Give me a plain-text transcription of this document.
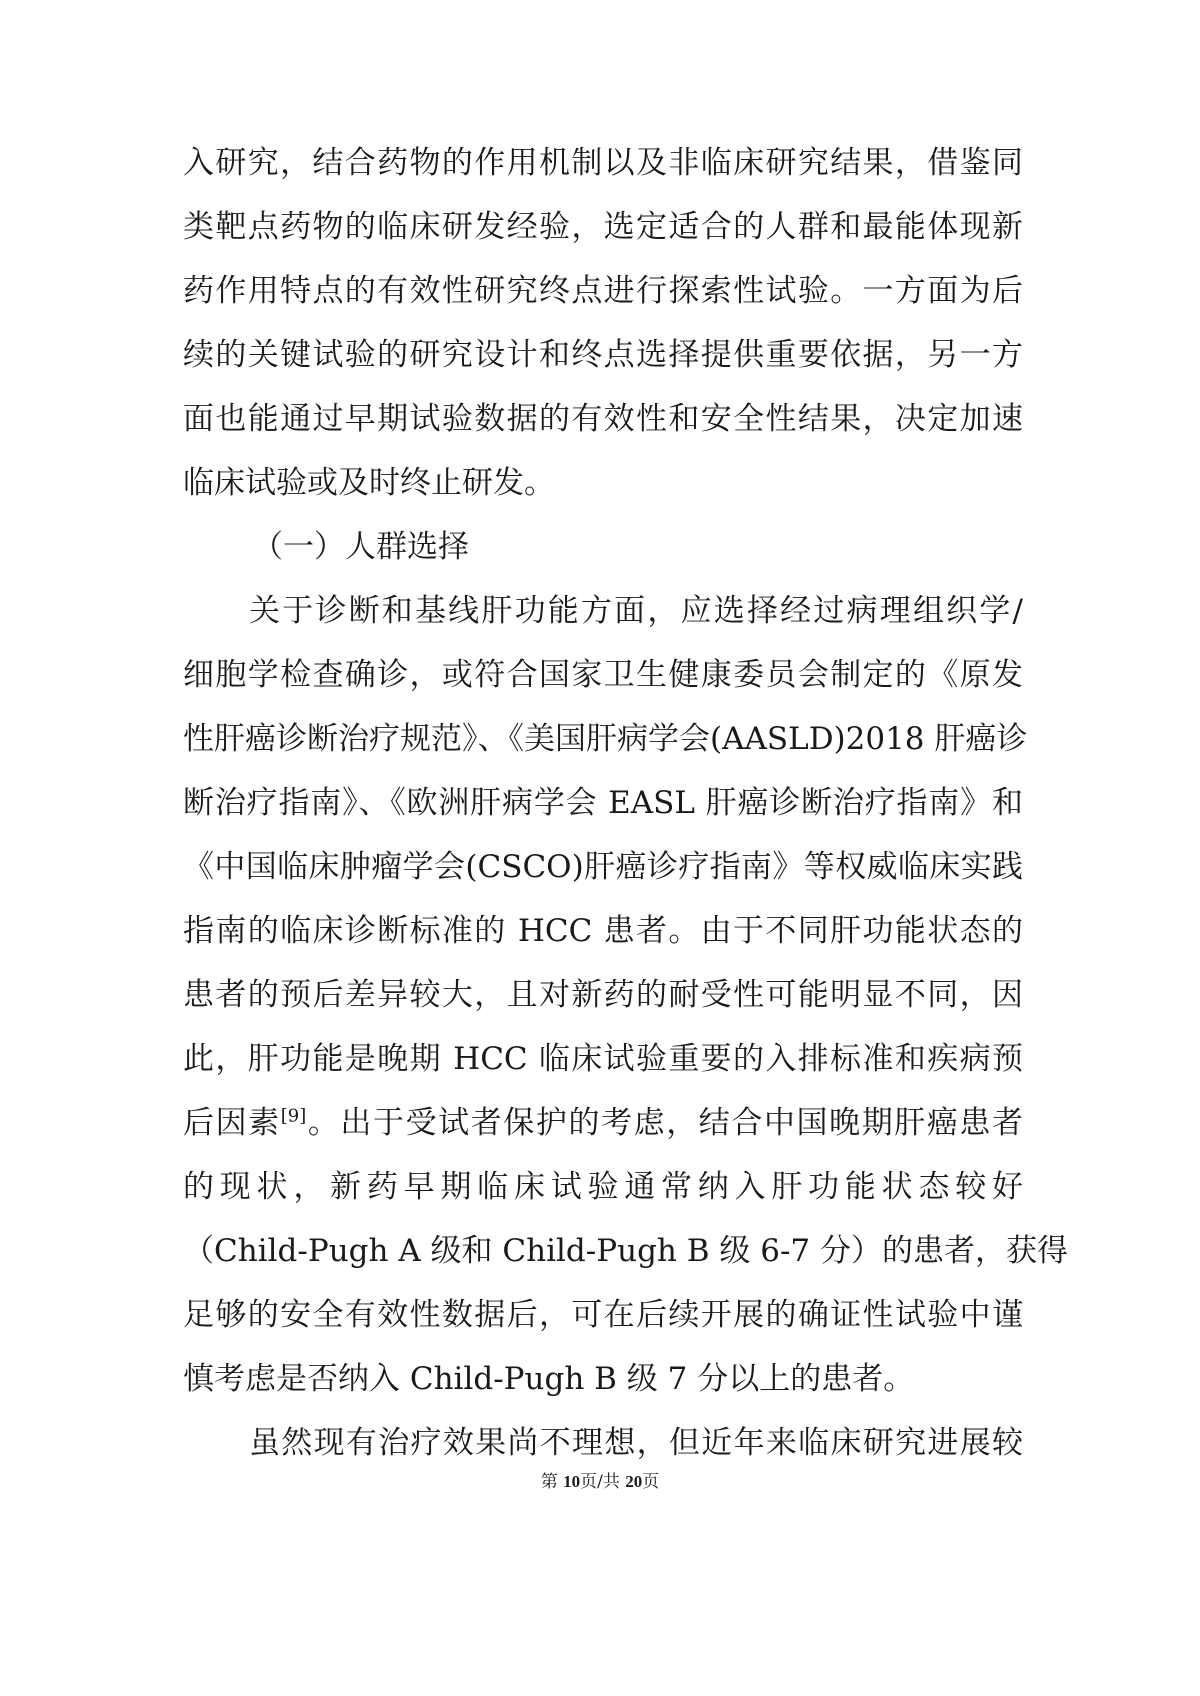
入研究，结合药物的作用机制以及非临床研究结果，借鉴同
类靶点药物的临床研发经验，选定适合的人群和最能体现新
药作用特点的有效性研究终点进行探索性试验。一方面为后
续的关键试验的研究设计和终点选择提供重要依据，另一方
面也能通过早期试验数据的有效性和安全性结果，决定加速
临床试验或及时终止研发。
（一）人群选择
关于诊断和基线肝功能方面，应选择经过病理组织学/
细胞学检查确诊，或符合国家卫生健康委员会制定的《原发
性肝癌诊断治疗规范》、《美国肝病学会(AASLD)2018 肝癌诊
断治疗指南》、《欧洲肝病学会 EASL 肝癌诊断治疗指南》和
《中国临床肿瘤学会(CSCO)肝癌诊疗指南》等权威临床实践
指南的临床诊断标准的 HCC 患者。由于不同肝功能状态的
患者的预后差异较大，且对新药的耐受性可能明显不同，因
此，肝功能是晚期 HCC 临床试验重要的入排标准和疾病预
后因素[9]。出于受试者保护的考虑，结合中国晚期肝癌患者
的现状，新药早期临床试验通常纳入肝功能状态较好
（Child-Pugh A 级和 Child-Pugh B 级 6-7 分）的患者，获得
足够的安全有效性数据后，可在后续开展的确证性试验中谨
慎考虑是否纳入 Child-Pugh B 级 7 分以上的患者。
虽然现有治疗效果尚不理想，但近年来临床研究进展较
第 10页/共 20页
